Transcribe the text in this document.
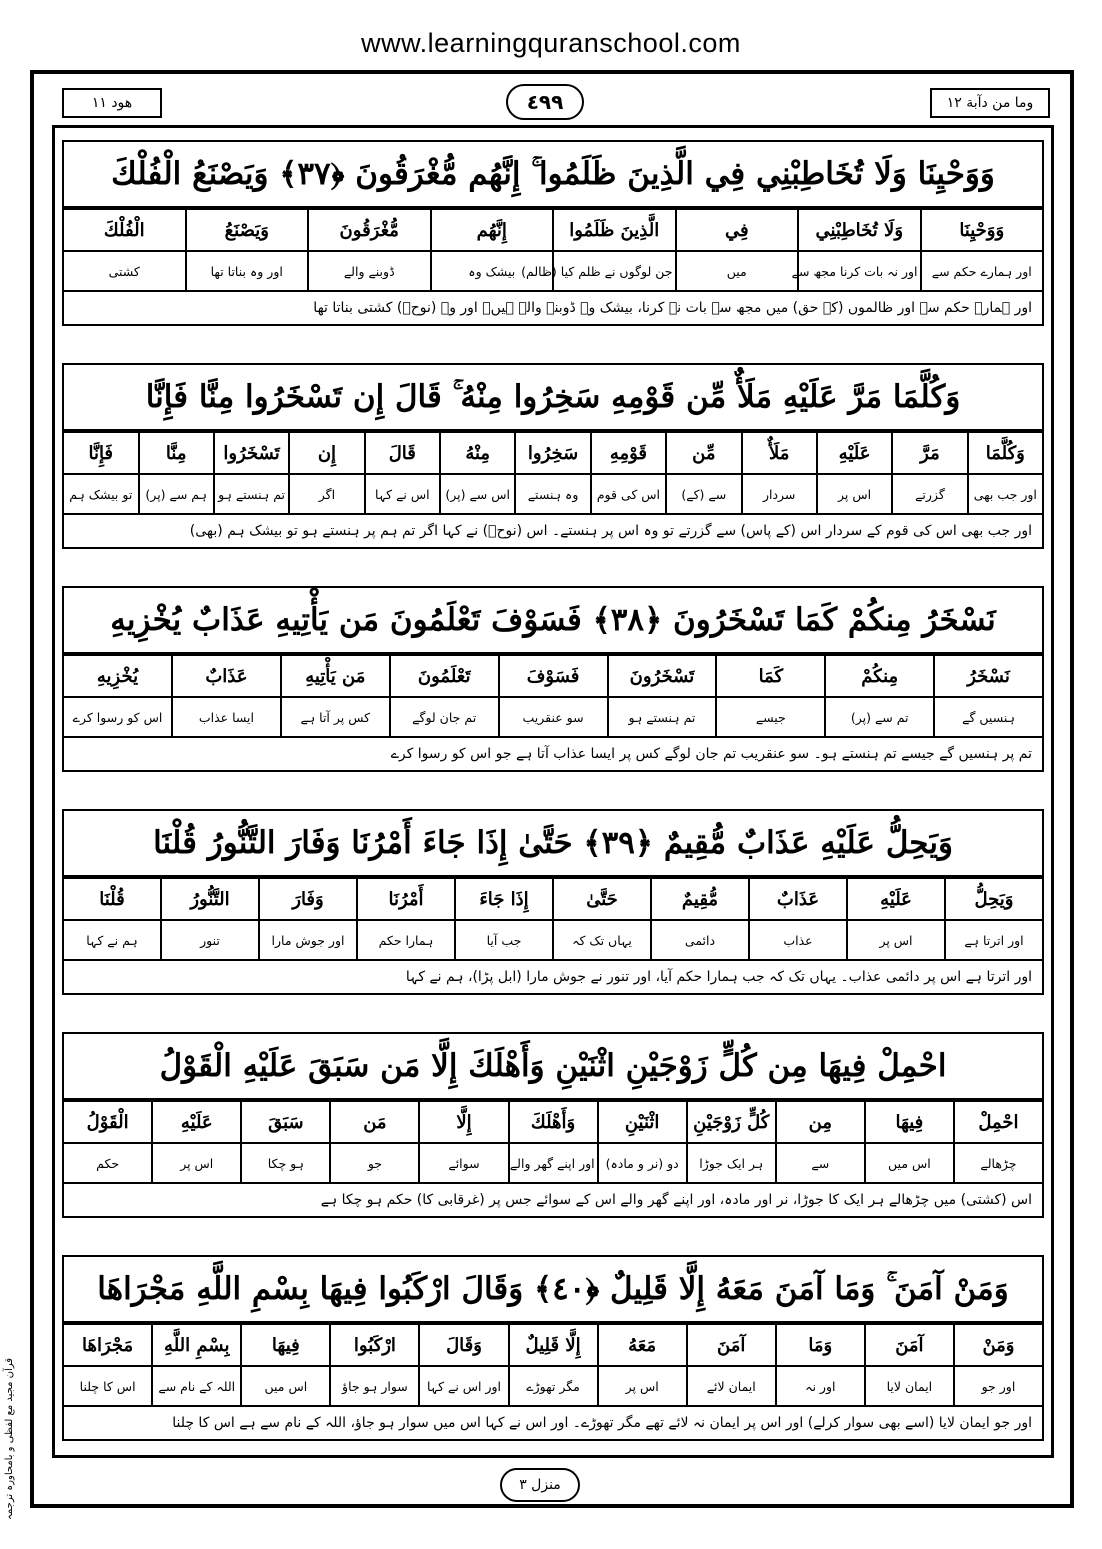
www.learningquranschool.com
وما من دآبة ١٢
٤٩٩
هود ١١
وَوَحْيِنَا وَلَا تُخَاطِبْنِي فِي الَّذِينَ ظَلَمُوا ۚ إِنَّهُم مُّغْرَقُونَ ﴿٣٧﴾ وَيَصْنَعُ الْفُلْكَ
وَوَحْيِنَا	وَلَا تُخَاطِبْنِي	فِي	الَّذِينَ ظَلَمُوا	إِنَّهُم	مُّغْرَقُونَ	وَيَصْنَعُ	الْفُلْكَ
اور ہمارے حکم سے	اور نہ بات کرنا مجھ سے	میں	جن لوگوں نے ظلم کیا (ظالم)	بیشک وہ	ڈوبنے والے	اور وہ بناتا تھا	کشتی
اور ہمارے حکم سے اور ظالموں (کے حق) میں مجھ سے بات نہ کرنا، بیشک وہ ڈوبنے والے ہیں۔ اور وہ (نوحؑ) کشتی بناتا تھا
وَكُلَّمَا مَرَّ عَلَيْهِ مَلَأٌ مِّن قَوْمِهِ سَخِرُوا مِنْهُ ۚ قَالَ إِن تَسْخَرُوا مِنَّا فَإِنَّا
وَكُلَّمَا	مَرَّ	عَلَيْهِ	مَلَأٌ	مِّن	قَوْمِهِ	سَخِرُوا	مِنْهُ	قَالَ	إِن	تَسْخَرُوا	مِنَّا	فَإِنَّا
اور جب بھی	گزرتے	اس پر	سردار	سے (کے)	اس کی قوم	وہ ہنستے	اس سے (پر)	اس نے کہا	اگر	تم ہنستے ہو	ہم سے (پر)	تو بیشک ہم
اور جب بھی اس کی قوم کے سردار اس (کے پاس) سے گزرتے تو وہ اس پر ہنستے۔ اس (نوحؑ) نے کہا اگر تم ہم پر ہنستے ہو تو بیشک ہم (بھی)
نَسْخَرُ مِنكُمْ كَمَا تَسْخَرُونَ ﴿٣٨﴾ فَسَوْفَ تَعْلَمُونَ مَن يَأْتِيهِ عَذَابٌ يُخْزِيهِ
نَسْخَرُ	مِنكُمْ	كَمَا	تَسْخَرُونَ	فَسَوْفَ	تَعْلَمُونَ	مَن يَأْتِيهِ	عَذَابٌ	يُخْزِيهِ
ہنسیں گے	تم سے (پر)	جیسے	تم ہنستے ہو	سو عنقریب	تم جان لوگے	کس پر آتا ہے	ایسا عذاب	اس کو رسوا کرے
تم پر ہنسیں گے جیسے تم ہنستے ہو۔ سو عنقریب تم جان لوگے کس پر ایسا عذاب آتا ہے جو اس کو رسوا کرے
وَيَحِلُّ عَلَيْهِ عَذَابٌ مُّقِيمٌ ﴿٣٩﴾ حَتَّىٰ إِذَا جَاءَ أَمْرُنَا وَفَارَ التَّنُّورُ قُلْنَا
وَيَحِلُّ	عَلَيْهِ	عَذَابٌ	مُّقِيمٌ	حَتَّىٰ	إِذَا جَاءَ	أَمْرُنَا	وَفَارَ	التَّنُّورُ	قُلْنَا
اور اترتا ہے	اس پر	عذاب	دائمی	یہاں تک کہ	جب آیا	ہمارا حکم	اور جوش مارا	تنور	ہم نے کہا
اور اترتا ہے اس پر دائمی عذاب۔ یہاں تک کہ جب ہمارا حکم آیا، اور تنور نے جوش مارا (ابل پڑا)، ہم نے کہا
احْمِلْ فِيهَا مِن كُلٍّ زَوْجَيْنِ اثْنَيْنِ وَأَهْلَكَ إِلَّا مَن سَبَقَ عَلَيْهِ الْقَوْلُ
احْمِلْ	فِيهَا	مِن	كُلٍّ زَوْجَيْنِ	اثْنَيْنِ	وَأَهْلَكَ	إِلَّا	مَن	سَبَقَ	عَلَيْهِ	الْقَوْلُ
چڑھالے	اس میں	سے	ہر ایک جوڑا	دو (نر و مادہ)	اور اپنے گھر والے	سوائے	جو	ہو چکا	اس پر	حکم
اس (کشتی) میں چڑھالے ہر ایک کا جوڑا، نر اور مادہ، اور اپنے گھر والے اس کے سوائے جس پر (غرقابی کا) حکم ہو چکا ہے
وَمَنْ آمَنَ ۚ وَمَا آمَنَ مَعَهُ إِلَّا قَلِيلٌ ﴿٤٠﴾ وَقَالَ ارْكَبُوا فِيهَا بِسْمِ اللَّهِ مَجْرَاهَا
وَمَنْ	آمَنَ	وَمَا	آمَنَ	مَعَهُ	إِلَّا قَلِيلٌ	وَقَالَ	ارْكَبُوا	فِيهَا	بِسْمِ اللَّهِ	مَجْرَاهَا
اور جو	ایمان لایا	اور نہ	ایمان لائے	اس پر	مگر تھوڑے	اور اس نے کہا	سوار ہو جاؤ	اس میں	اللہ کے نام سے	اس کا چلنا
اور جو ایمان لایا (اسے بھی سوار کرلے) اور اس پر ایمان نہ لائے تھے مگر تھوڑے۔ اور اس نے کہا اس میں سوار ہو جاؤ، اللہ کے نام سے ہے اس کا چلنا
منزل ٣
قرآن مجید مع لفظی و بامحاورہ ترجمہ
